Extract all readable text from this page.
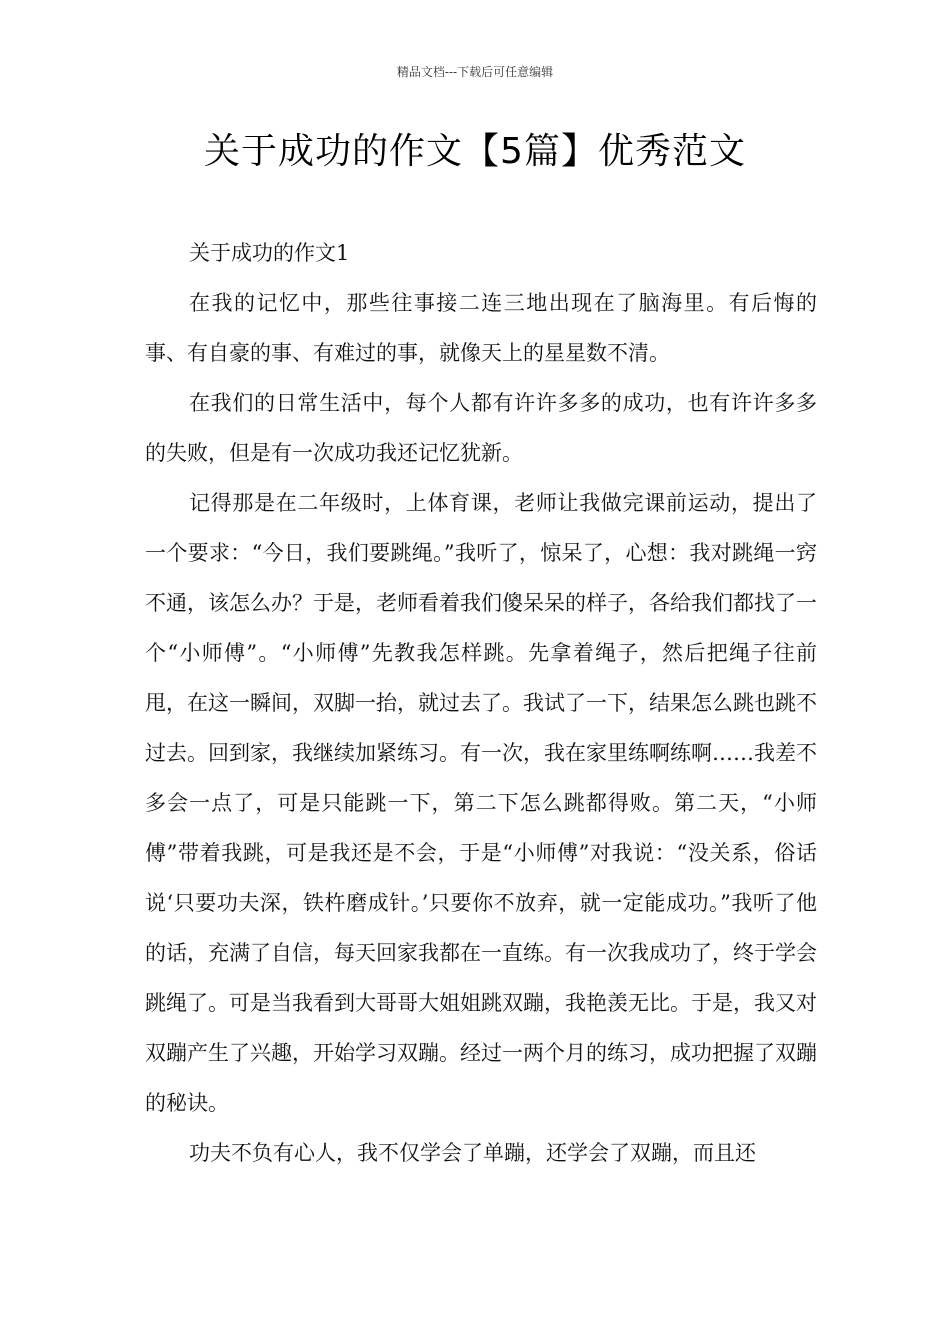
精品文档---下载后可任意编辑
关于成功的作文【5篇】优秀范文

关于成功的作文1

在我的记忆中，那些往事接二连三地出现在了脑海里。有后悔的事、有自豪的事、有难过的事，就像天上的星星数不清。

在我们的日常生活中，每个人都有许许多多的成功，也有许许多多的失败，但是有一次成功我还记忆犹新。

记得那是在二年级时，上体育课，老师让我做完课前运动，提出了一个要求：“今日，我们要跳绳。”我听了，惊呆了，心想：我对跳绳一窍不通，该怎么办？于是，老师看着我们傻呆呆的样子，各给我们都找了一个“小师傅”。“小师傅”先教我怎样跳。先拿着绳子，然后把绳子往前甩，在这一瞬间，双脚一抬，就过去了。我试了一下，结果怎么跳也跳不过去。回到家，我继续加紧练习。有一次，我在家里练啊练啊……我差不多会一点了，可是只能跳一下，第二下怎么跳都得败。第二天，“小师傅”带着我跳，可是我还是不会，于是“小师傅”对我说：“没关系，俗话说‘只要功夫深，铁杵磨成针。’只要你不放弃，就一定能成功。”我听了他的话，充满了自信，每天回家我都在一直练。有一次我成功了，终于学会跳绳了。可是当我看到大哥哥大姐姐跳双蹦，我艳羡无比。于是，我又对双蹦产生了兴趣，开始学习双蹦。经过一两个月的练习，成功把握了双蹦的秘诀。

功夫不负有心人，我不仅学会了单蹦，还学会了双蹦，而且还
